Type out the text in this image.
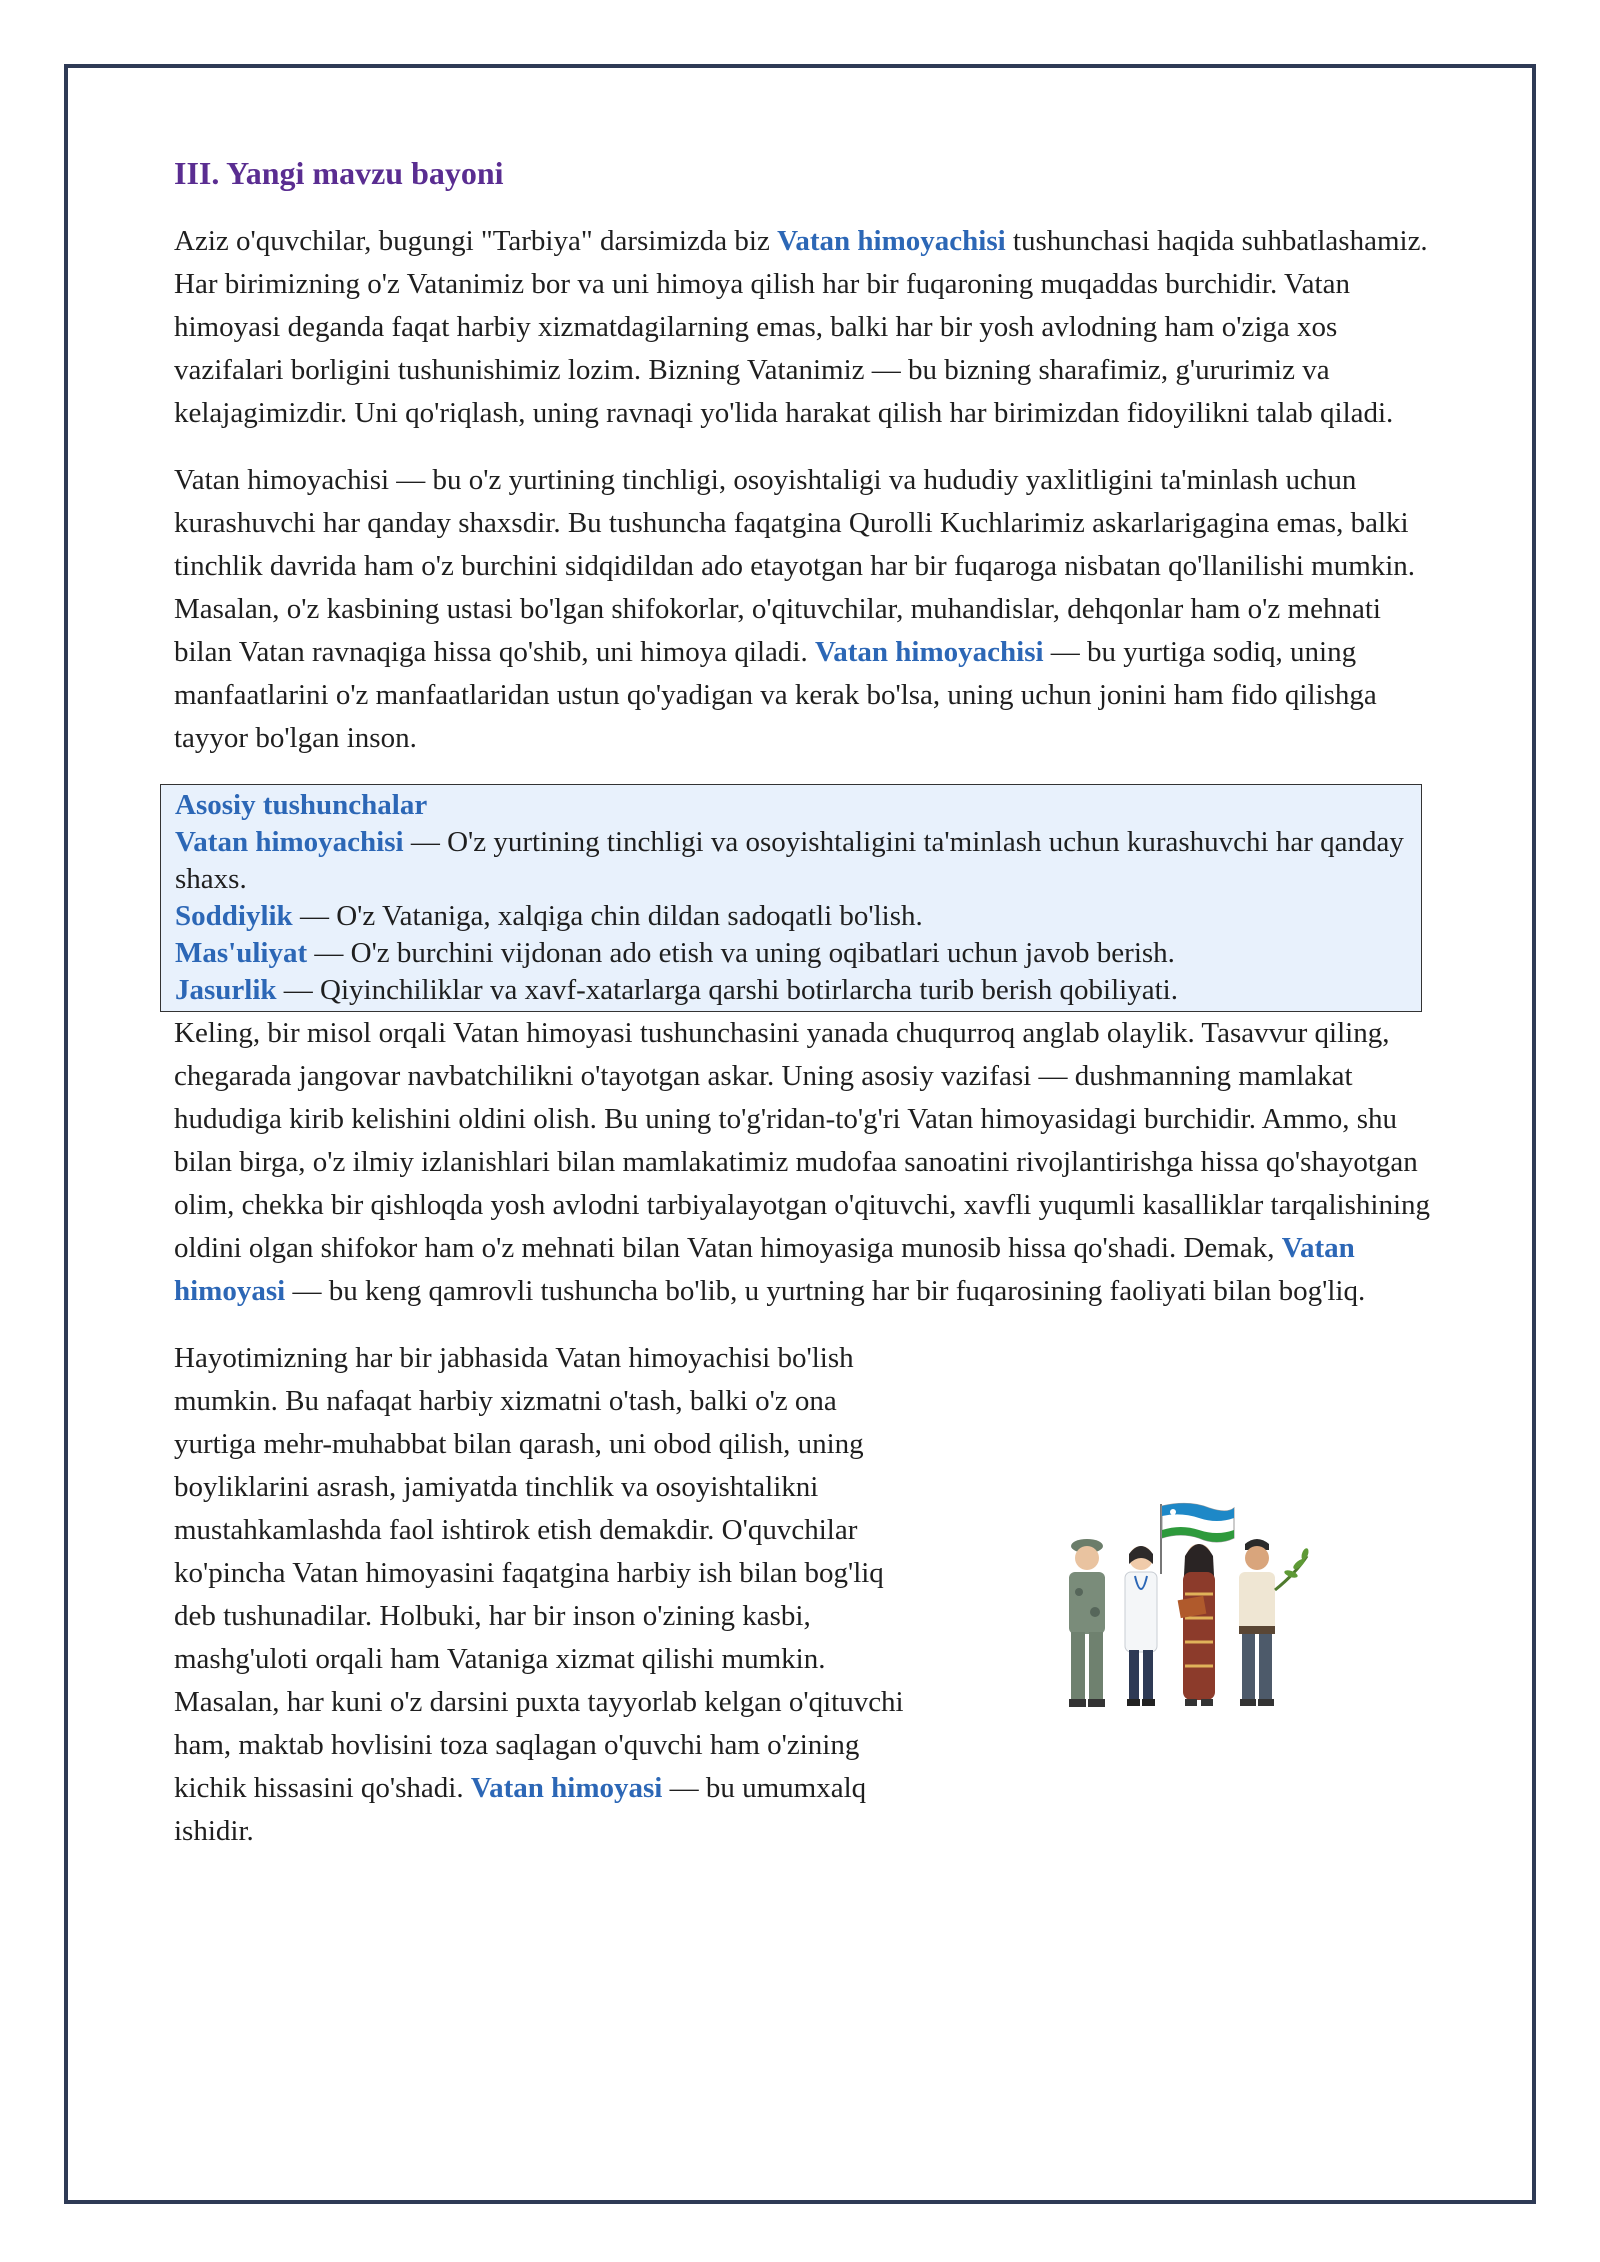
III. Yangi mavzu bayoni

Aziz o'quvchilar, bugungi "Tarbiya" darsimizda biz Vatan himoyachisi tushunchasi haqida suhbatlashamiz. Har birimizning o'z Vatanimiz bor va uni himoya qilish har bir fuqaroning muqaddas burchidir. Vatan himoyasi deganda faqat harbiy xizmatdagilarning emas, balki har bir yosh avlodning ham o'ziga xos vazifalari borligini tushunishimiz lozim. Bizning Vatanimiz — bu bizning sharafimiz, g'ururimiz va kelajagimizdir. Uni qo'riqlash, uning ravnaqi yo'lida harakat qilish har birimizdan fidoyilikni talab qiladi.

Vatan himoyachisi — bu o'z yurtining tinchligi, osoyishtaligi va hududiy yaxlitligini ta'minlash uchun kurashuvchi har qanday shaxsdir. Bu tushuncha faqatgina Qurolli Kuchlarimiz askarlarigagina emas, balki tinchlik davrida ham o'z burchini sidqidildan ado etayotgan har bir fuqaroga nisbatan qo'llanilishi mumkin. Masalan, o'z kasbining ustasi bo'lgan shifokorlar, o'qituvchilar, muhandislar, dehqonlar ham o'z mehnati bilan Vatan ravnaqiga hissa qo'shib, uni himoya qiladi. Vatan himoyachisi — bu yurtiga sodiq, uning manfaatlarini o'z manfaatlaridan ustun qo'yadigan va kerak bo'lsa, uning uchun jonini ham fido qilishga tayyor bo'lgan inson.

Asosiy tushunchalar
Vatan himoyachisi — O'z yurtining tinchligi va osoyishtaligini ta'minlash uchun kurashuvchi har qanday shaxs.
Soddiylik — O'z Vataniga, xalqiga chin dildan sadoqatli bo'lish.
Mas'uliyat — O'z burchini vijdonan ado etish va uning oqibatlari uchun javob berish.
Jasurlik — Qiyinchiliklar va xavf-xatarlarga qarshi botirlarcha turib berish qobiliyati.

Keling, bir misol orqali Vatan himoyasi tushunchasini yanada chuqurroq anglab olaylik. Tasavvur qiling, chegarada jangovar navbatchilikni o'tayotgan askar. Uning asosiy vazifasi — dushmanning mamlakat hududiga kirib kelishini oldini olish. Bu uning to'g'ridan-to'g'ri Vatan himoyasidagi burchidir. Ammo, shu bilan birga, o'z ilmiy izlanishlari bilan mamlakatimiz mudofaa sanoatini rivojlantirishga hissa qo'shayotgan olim, chekka bir qishloqda yosh avlodni tarbiyalayotgan o'qituvchi, xavfli yuqumli kasalliklar tarqalishining oldini olgan shifokor ham o'z mehnati bilan Vatan himoyasiga munosib hissa qo'shadi. Demak, Vatan himoyasi — bu keng qamrovli tushuncha bo'lib, u yurtning har bir fuqarosining faoliyati bilan bog'liq.

Hayotimizning har bir jabhasida Vatan himoyachisi bo'lish mumkin. Bu nafaqat harbiy xizmatni o'tash, balki o'z ona yurtiga mehr-muhabbat bilan qarash, uni obod qilish, uning boyliklarini asrash, jamiyatda tinchlik va osoyishtalikni mustahkamlashda faol ishtirok etish demakdir. O'quvchilar ko'pincha Vatan himoyasini faqatgina harbiy ish bilan bog'liq deb tushunadilar. Holbuki, har bir inson o'zining kasbi, mashg'uloti orqali ham Vataniga xizmat qilishi mumkin. Masalan, har kuni o'z darsini puxta tayyorlab kelgan o'qituvchi ham, maktab hovlisini toza saqlagan o'quvchi ham o'zining kichik hissasini qo'shadi. Vatan himoyasi — bu umumxalq ishidir.
